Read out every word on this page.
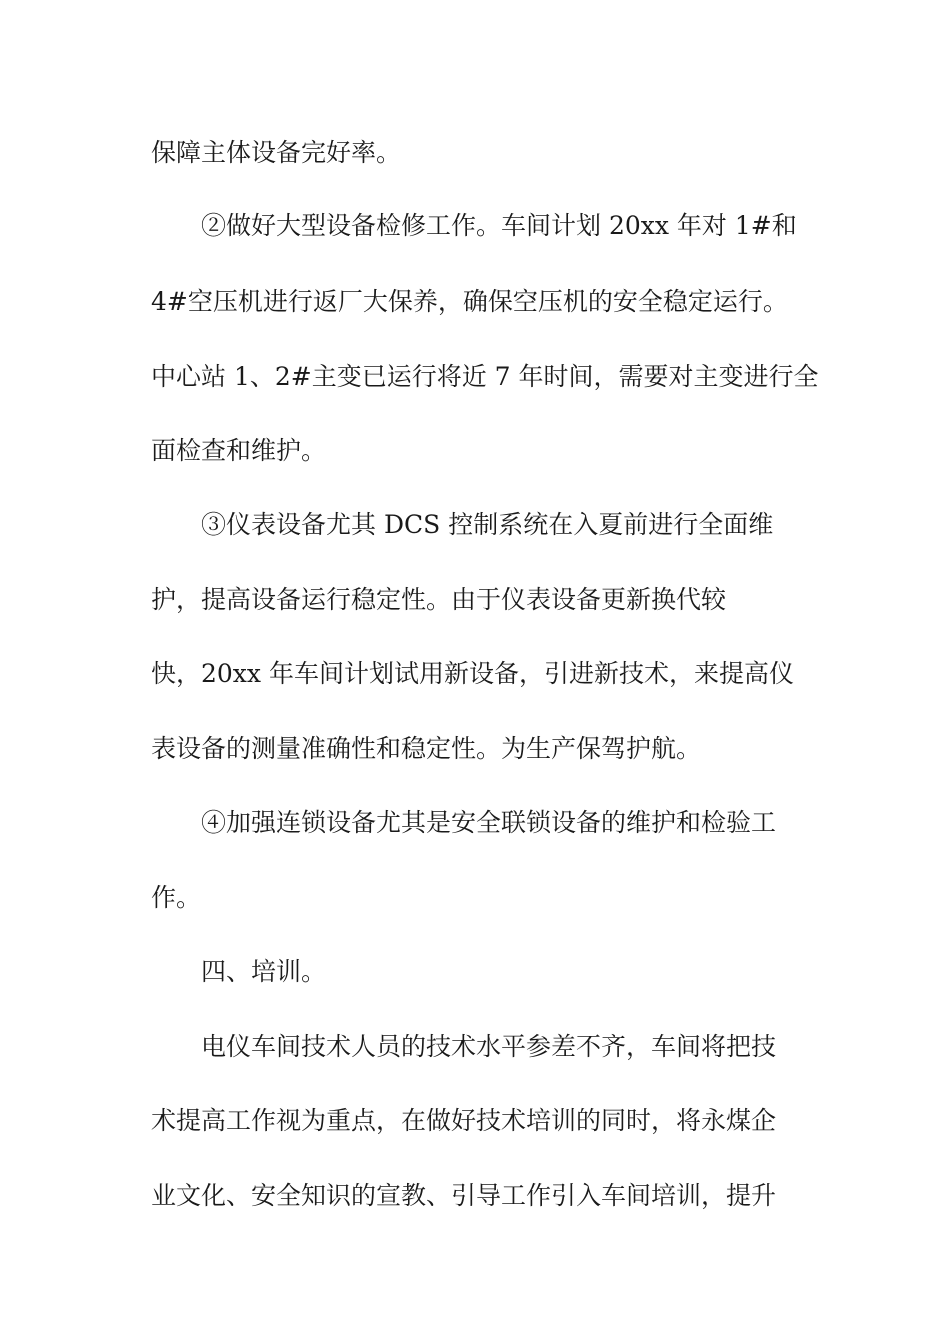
保障主体设备完好率。

②做好大型设备检修工作。车间计划 20xx 年对 1#和

4#空压机进行返厂大保养，确保空压机的安全稳定运行。

中心站 1、2#主变已运行将近 7 年时间，需要对主变进行全

面检查和维护。

③仪表设备尤其 DCS 控制系统在入夏前进行全面维

护，提高设备运行稳定性。由于仪表设备更新换代较

快，20xx 年车间计划试用新设备，引进新技术，来提高仪

表设备的测量准确性和稳定性。为生产保驾护航。

④加强连锁设备尤其是安全联锁设备的维护和检验工

作。

四、培训。

电仪车间技术人员的技术水平参差不齐，车间将把技

术提高工作视为重点，在做好技术培训的同时，将永煤企

业文化、安全知识的宣教、引导工作引入车间培训，提升
